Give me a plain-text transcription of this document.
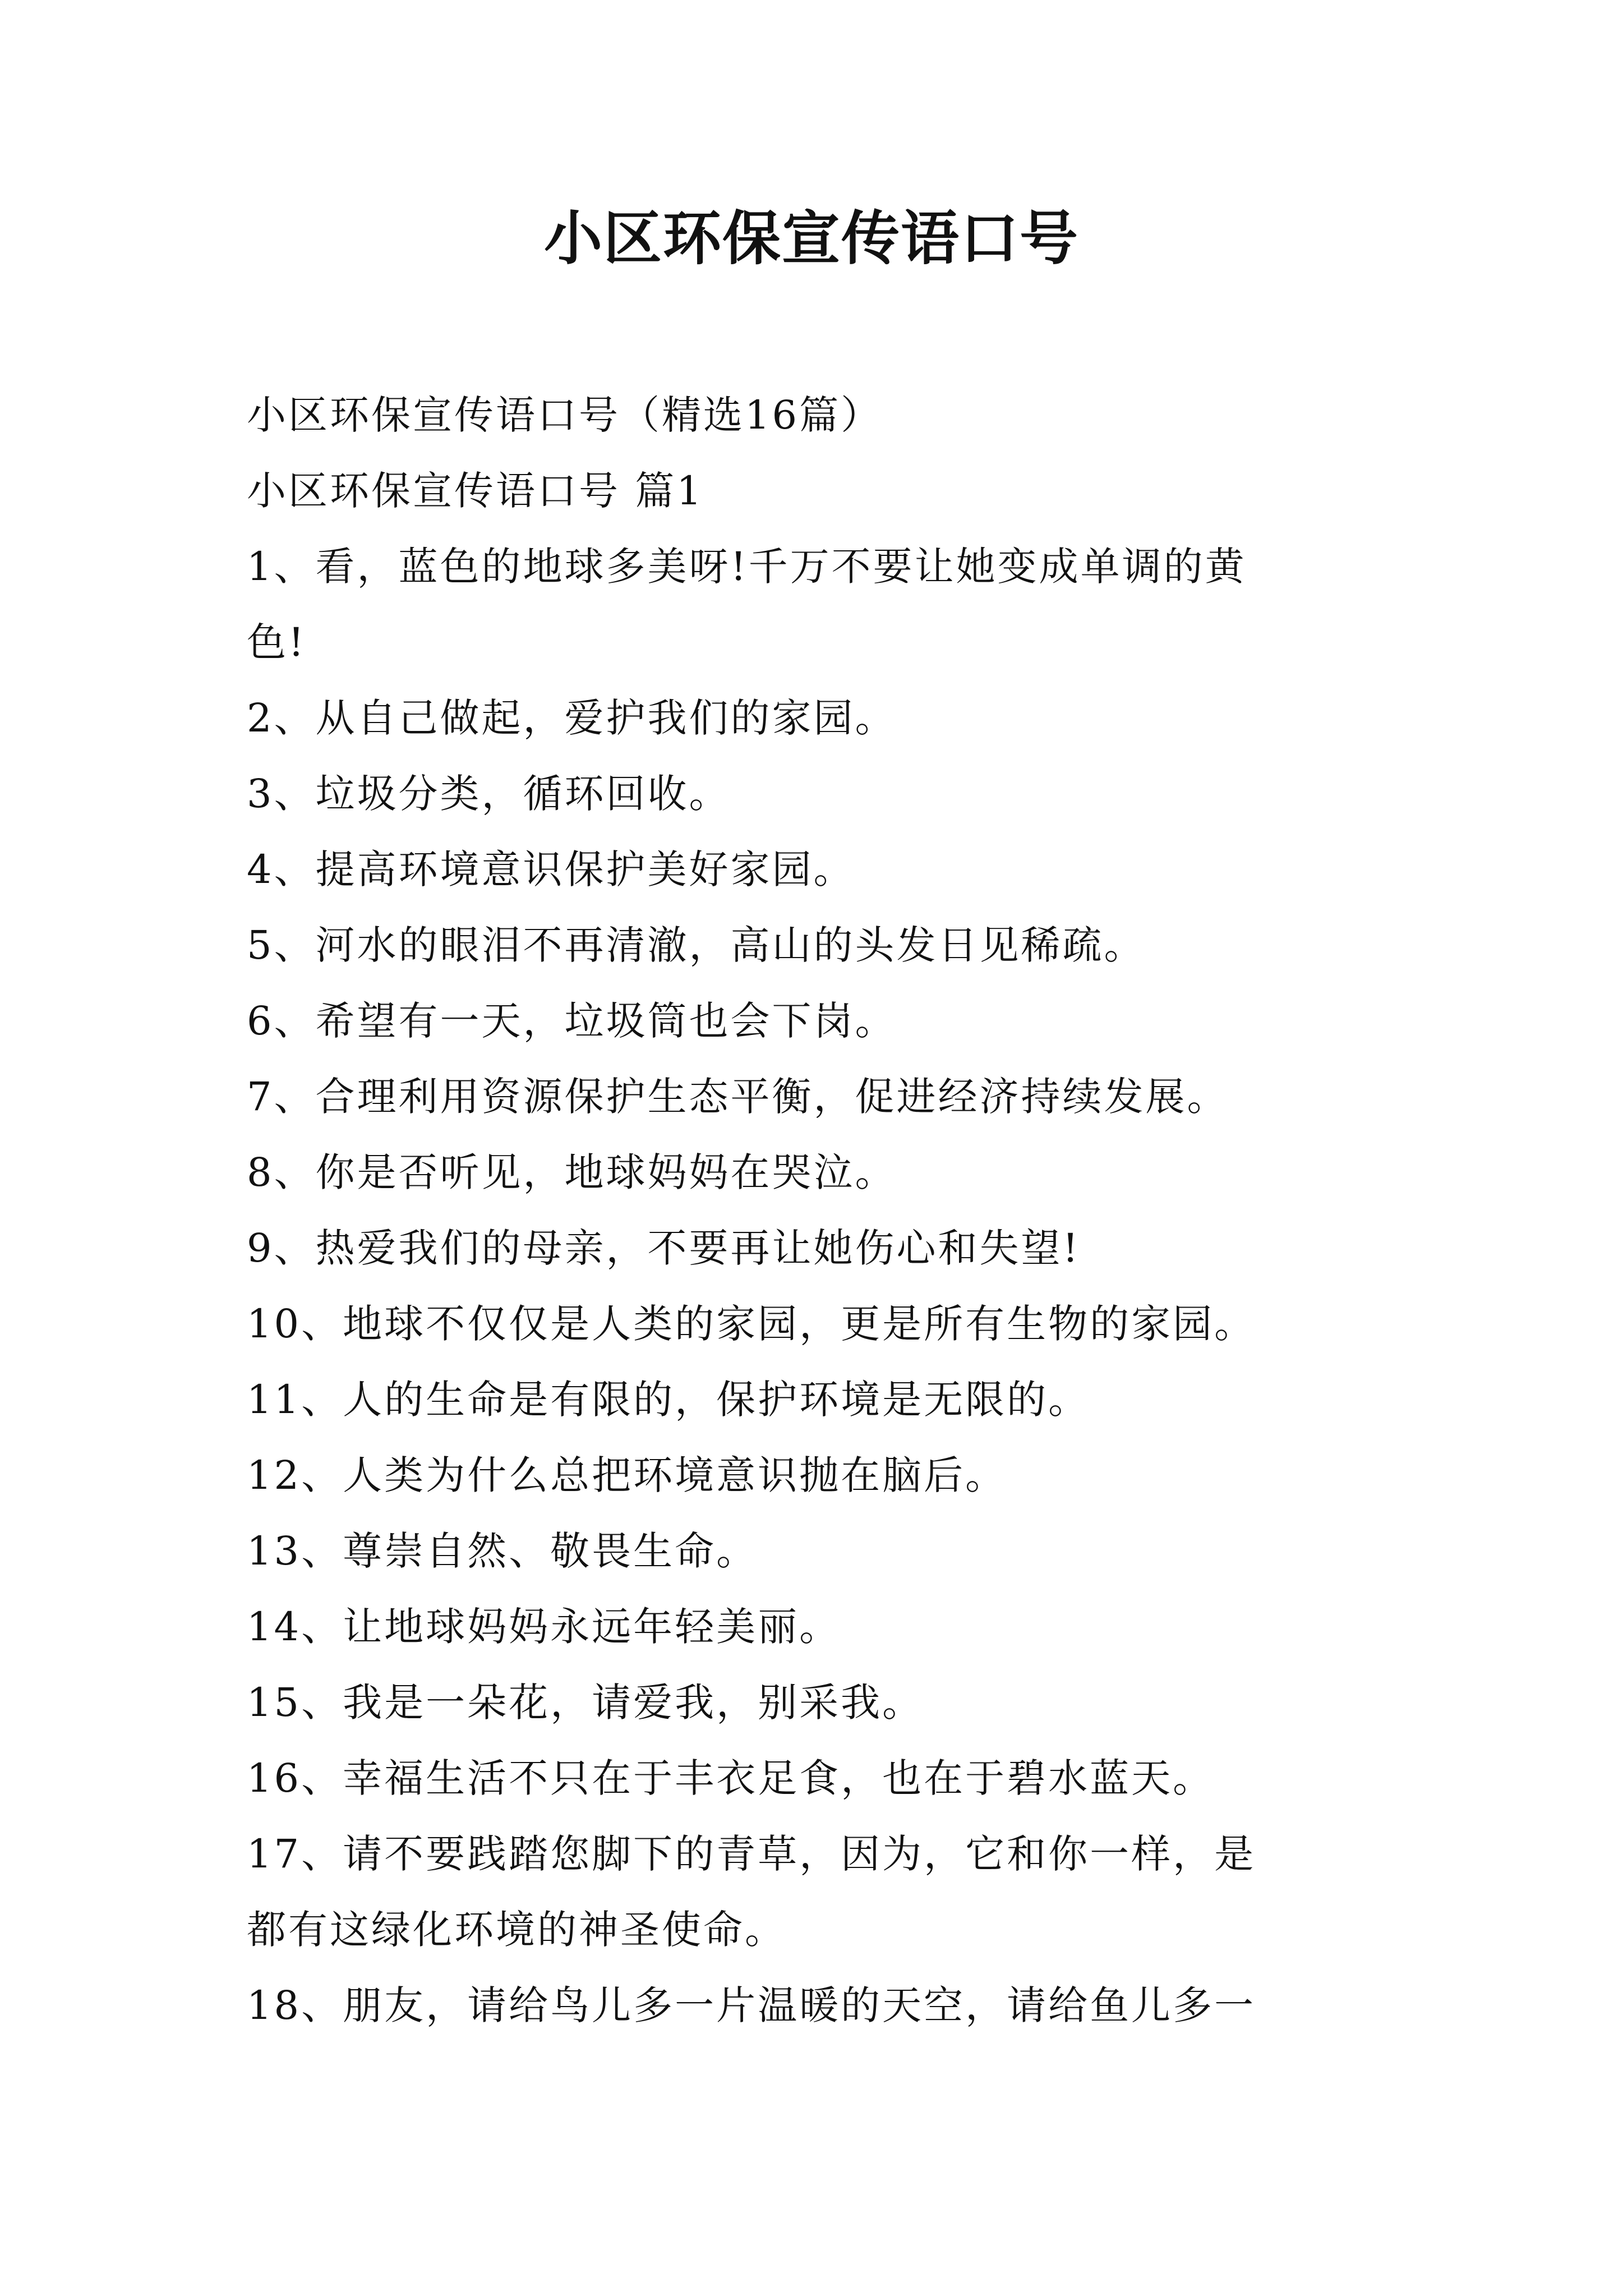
小区环保宣传语口号
小区环保宣传语口号（精选16篇）
小区环保宣传语口号 篇1
1、看，蓝色的地球多美呀!千万不要让她变成单调的黄
色!
2、从自己做起，爱护我们的家园。
3、垃圾分类，循环回收。
4、提高环境意识保护美好家园。
5、河水的眼泪不再清澈，高山的头发日见稀疏。
6、希望有一天，垃圾筒也会下岗。
7、合理利用资源保护生态平衡，促进经济持续发展。
8、你是否听见，地球妈妈在哭泣。
9、热爱我们的母亲，不要再让她伤心和失望!
10、地球不仅仅是人类的家园，更是所有生物的家园。
11、人的生命是有限的，保护环境是无限的。
12、人类为什么总把环境意识抛在脑后。
13、尊崇自然、敬畏生命。
14、让地球妈妈永远年轻美丽。
15、我是一朵花，请爱我，别采我。
16、幸福生活不只在于丰衣足食，也在于碧水蓝天。
17、请不要践踏您脚下的青草，因为，它和你一样，是
都有这绿化环境的神圣使命。
18、朋友，请给鸟儿多一片温暖的天空，请给鱼儿多一
